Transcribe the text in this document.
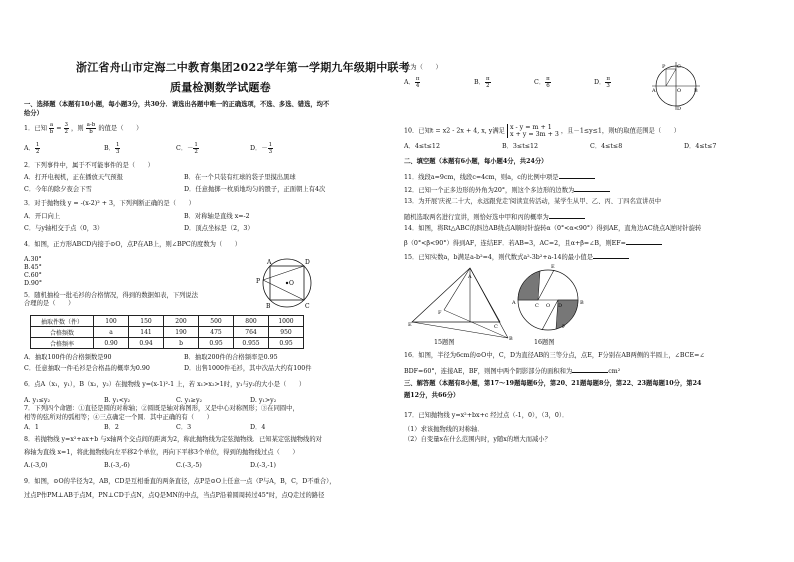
浙江省舟山市定海二中教育集团2022学年第一学期九年级期中联考
质量检测数学试题卷
一、选择题（本题有10小题，每小题3分，共30分．请选出各题中唯一的正确选项，不选、多选、错选，均不
给分）
1．已知 $\frac{a}{b} = \frac{3}{2}$ ，则 $\frac{a-b}{b}$ 的值是（　　）
A． $\frac{1}{2}$	B． $\frac{1}{3}$	C．－ $\frac{1}{2}$	D．－ $\frac{1}{3}$
2．下列事件中，属于不可能事件的是（　　）
A．打开电视机，正在播放天气预报	B．在一个只装有红球的袋子里摸出黑球
C．今年的除夕夜会下雪	D．任意抛掷一枚质地均匀的骰子，正面朝上有4次
3．对于抛物线 y = -(x-2)² + 3，下列判断正确的是（　　）
A．开口向上	B．对称轴是直线 x=-2
C．与y轴相交于点（0，3）	D．顶点坐标是（2，3）
4．如图，正方形ABCD内接于⊙O，点P在AB上，则∠BPC的度数为（　　）
A.30°
B.45°
C.60°
D.90°
A	D
P	O
B	C
5．随机抽检一批毛衫的合格情况，得到的数据如表，下列说法
合理的是（　　）
抽取件数（件）	100	150	200	500	800	1000
合格频数	a	141	190	475	764	950
合格频率	0.90	0.94	b	0.95	0.955	0.95
A．抽取100件的合格频数是90	B．抽取200件的合格频率是0.95
C．任意抽取一件毛衫是合格品的概率为0.90	D．出售1000件毛衫，其中次品大约有100件
6．点A（x₁，y₁），B（x₂，y₂）在抛物线 y=(x-1)²-1 上，若 x₁>x₂>1时，y₁与y₂的大小是（　　）
A. y₁≤y₂	B. y₁<y₂	C. y₁≥y₂	D. y₁>y₂
7．下列四个命题：①直径是圆的对称轴；②圆既是轴对称图形，又是中心对称图形；③在同圆中，
相等的弦所对的弧相等；④三点确定一个圆．其中正确的有（　　）
A．1	B．2	C．3	D．4
8．若抛物线 y=x²+ax+b 与x轴两个交点间的距离为2，称此抛物线为定弦抛物线．已知某定弦抛物线的对
称轴为直线 x=1，将此抛物线向左平移2个单位，再向下平移3个单位，得到的抛物线过点（　　）
A.(-3,0)	B.(-3,-6)	C.(-3,-5)	D.(-3,-1)
9．如图，⊙O的半径为2，AB，CD是互相垂直的两条直径，点P是⊙O上任意一点（P与A，B，C，D不重合），
过点P作PM⊥AB于点M，PN⊥CD于点N，点Q是MN的中点，当点P沿着圆周转过45°时，点Q走过的路径
长为（　　）
A． $\frac{\pi}{4}$	B． $\frac{\pi}{2}$	C． $\frac{\pi}{6}$	D． $\frac{\pi}{3}$
P C
A	B
O
D
10．已知t = x2 - 2x + 4, x, y满足 x - y = m + 1
x + y = 3m + 3 ，且－1≤y≤1，则t的取值范围是（　　）
A．4≤t≤12	B．3≤t≤12	C．4≤t≤8	D．4≤t≤7
二、填空题（本题有6小题，每小题4分，共24分）
11．线段a=9cm，线段c=4cm，则a，c的比例中项是
12．已知一个正多边形的外角为20°，则这个多边形的边数为
13．为开展'庆祝二十大，永远跟党走'阅读宣传活动，某学生从甲、乙、丙、丁四名宣讲员中
随机选取两名进行宣讲，则恰好选中甲和丙的概率为
14．如图，将Rt△ABC的斜边AB绕点A顺时针旋转α（0°<α<90°）得到AE，直角边AC绕点A逆时针旋转
β（0°<β<90°）得到AF，连结EF．若AB=3，AC=2，且α+β=∠B，则EF=
15．已知实数a，b满足a-b²=4，则代数式a²-3b²+a-14的最小值是
A
E	C
B
F
15题图
E
A	B
C O D
F
16题图
16．如图，半径为6cm的⊙O中，C，D为直径AB的三等分点，点E，F分别在AB两侧的半圆上，∠BCE=∠
BDF=60°，连接AE，BF，则图中两个阴影部分的面积和为	cm²
三、解答题（本题有8小题，第17～19题每题6分，第20、21题每题8分，第22、23题每题10分，第24
题12分，共66分）
17．已知抛物线 y=x²+bx+c 经过点（-1，0），（3，0）．
（1）求该抛物线的对称轴．
（2）自变量x在什么范围内时，y随x的增大而减小？
